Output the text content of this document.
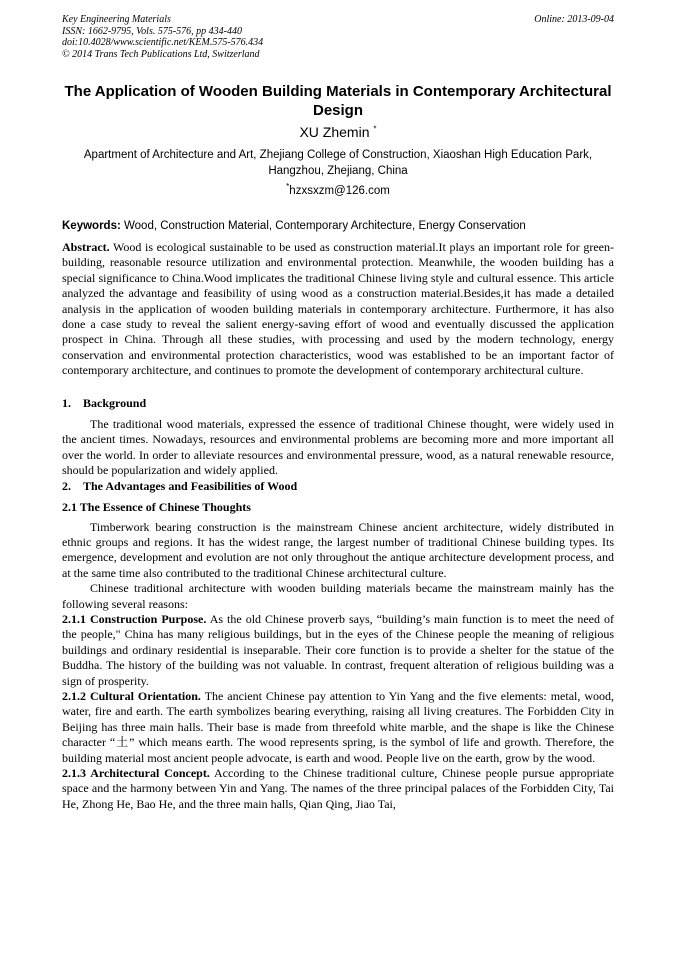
Key Engineering Materials
ISSN: 1662-9795, Vols. 575-576, pp 434-440
doi:10.4028/www.scientific.net/KEM.575-576.434
© 2014 Trans Tech Publications Ltd, Switzerland
Online: 2013-09-04
The Application of Wooden Building Materials in Contemporary Architectural Design
XU Zhemin *
Apartment of Architecture and Art, Zhejiang College of Construction, Xiaoshan High Education Park, Hangzhou, Zhejiang, China
*hzxsxzm@126.com
Keywords: Wood, Construction Material, Contemporary Architecture, Energy Conservation

Abstract. Wood is ecological sustainable to be used as construction material.It plays an important role for green-building, reasonable resource utilization and environmental protection. Meanwhile, the wooden building has a special significance to China.Wood implicates the traditional Chinese living style and cultural essence. This article analyzed the advantage and feasibility of using wood as a construction material.Besides,it has made a detailed analysis in the application of wooden building materials in contemporary architecture. Furthermore, it has also done a case study to reveal the salient energy-saving effort of wood and eventually discussed the application prospect in China. Through all these studies, with processing and used by the modern technology, energy conservation and environmental protection characteristics, wood was established to be an important factor of contemporary architecture, and continues to promote the development of contemporary architectural culture.

1.    Background

The traditional wood materials, expressed the essence of traditional Chinese thought, were widely used in the ancient times. Nowadays, resources and environmental problems are becoming more and more important all over the world. In order to alleviate resources and environmental pressure, wood, as a natural renewable resource, should be popularization and widely applied.

2.    The Advantages and Feasibilities of Wood

2.1 The Essence of Chinese Thoughts

Timberwork bearing construction is the mainstream Chinese ancient architecture, widely distributed in ethnic groups and regions. It has the widest range, the largest number of traditional Chinese building types. Its emergence, development and evolution are not only throughout the antique architecture development process, and at the same time also contributed to the traditional Chinese architectural culture.

Chinese traditional architecture with wooden building materials became the mainstream mainly has the following several reasons:

2.1.1 Construction Purpose. As the old Chinese proverb says, “building’s main function is to meet the need of the people," China has many religious buildings, but in the eyes of the Chinese people the meaning of religious buildings and ordinary residential is inseparable. Their core function is to provide a shelter for the statue of the Buddha. The history of the building was not valuable. In contrast, frequent alteration of religious building was a sign of prosperity.

2.1.2 Cultural Orientation. The ancient Chinese pay attention to Yin Yang and the five elements: metal, wood, water, fire and earth. The earth symbolizes bearing everything, raising all living creatures. The Forbidden City in Beijing has three main halls. Their base is made from threefold white marble, and the shape is like the Chinese character “土” which means earth. The wood represents spring, is the symbol of life and growth. Therefore, the building material most ancient people advocate, is earth and wood. People live on the earth, grow by the wood.

2.1.3 Architectural Concept. According to the Chinese traditional culture, Chinese people pursue appropriate space and the harmony between Yin and Yang. The names of the three principal palaces of the Forbidden City, Tai He, Zhong He, Bao He, and the three main halls, Qian Qing, Jiao Tai,
